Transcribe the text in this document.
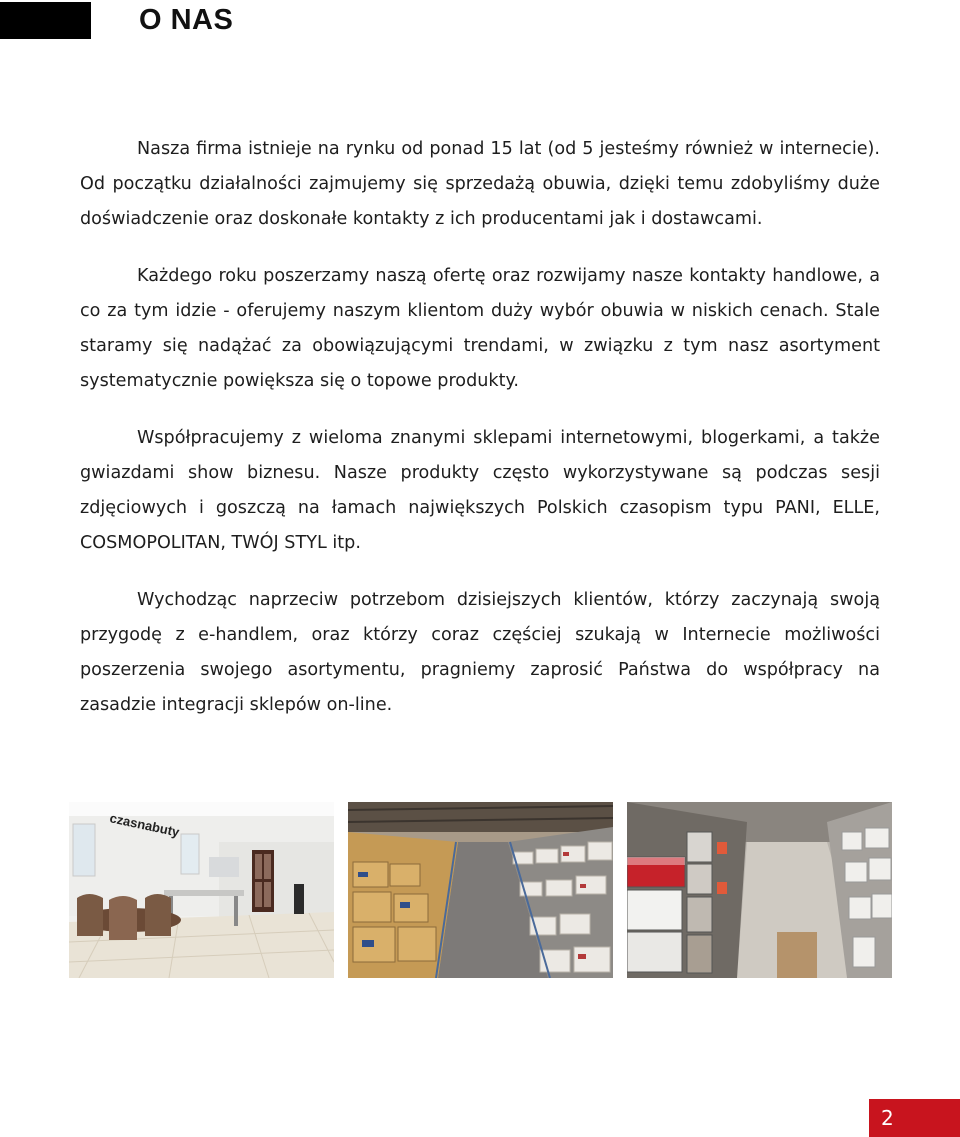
O NAS

Nasza firma istnieje na rynku od ponad 15 lat (od 5 jesteśmy również w internecie). Od początku działalności zajmujemy się sprzedażą obuwia, dzięki temu zdobyliśmy duże doświadczenie oraz doskonałe kontakty z ich producentami jak i dostawcami.

Każdego roku poszerzamy naszą ofertę oraz rozwijamy nasze kontakty handlowe, a co za tym idzie - oferujemy naszym klientom duży wybór obuwia w niskich cenach. Stale staramy się nadążać za obowiązującymi trendami, w związku z tym nasz asortyment systematycznie powiększa się o topowe produkty.

Współpracujemy z wieloma znanymi sklepami internetowymi, blogerkami, a także gwiazdami show biznesu. Nasze produkty często wykorzystywane są podczas sesji zdjęciowych i goszczą na łamach największych Polskich czasopism typu PANI, ELLE, COSMOPOLITAN, TWÓJ STYL itp.

Wychodząc naprzeciw potrzebom dzisiejszych klientów, którzy zaczynają swoją przygodę z e-handlem, oraz którzy coraz częściej szukają w Internecie możliwości poszerzenia swojego asortymentu, pragniemy zaprosić Państwa do współpracy na zasadzie integracji sklepów on-line.

czasnabuty
2
